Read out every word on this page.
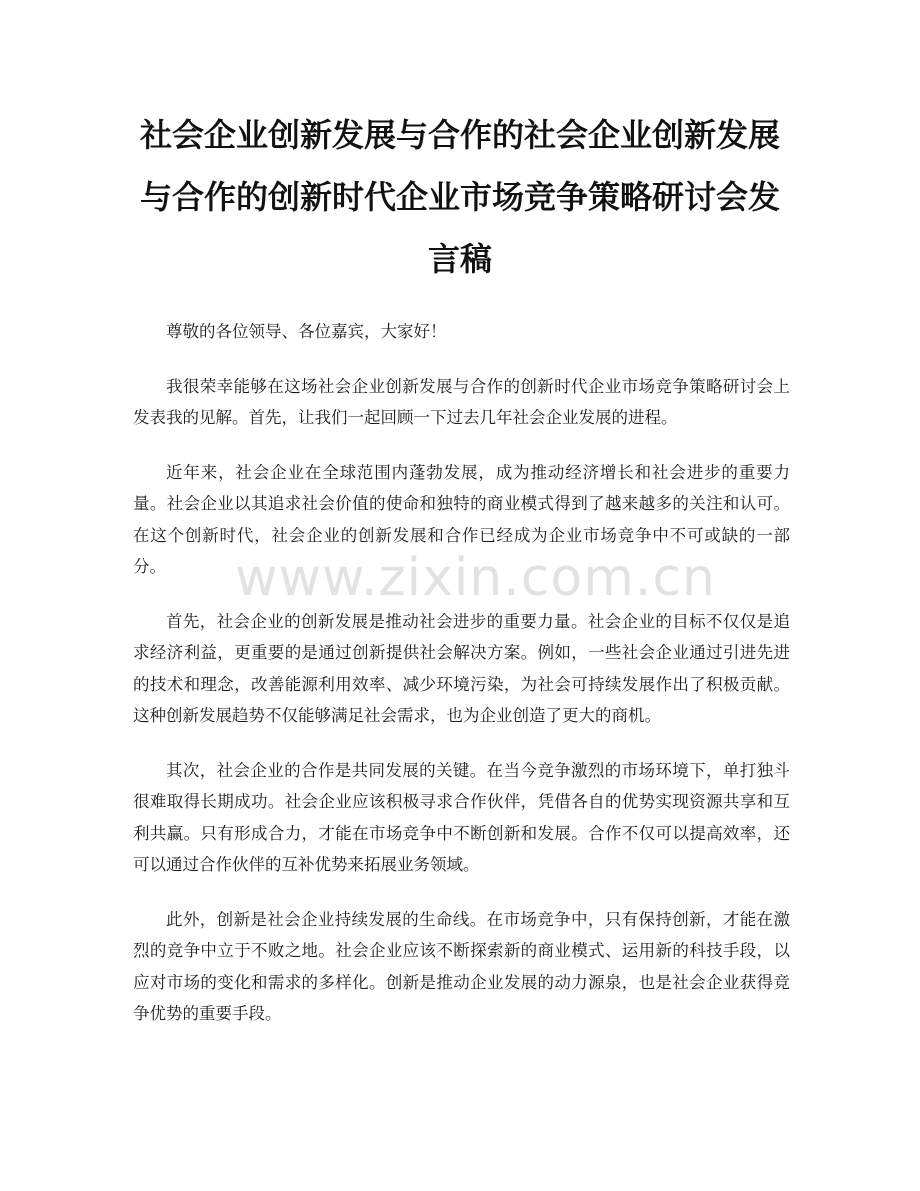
社会企业创新发展与合作的社会企业创新发展与合作的创新时代企业市场竞争策略研讨会发言稿

尊敬的各位领导、各位嘉宾，大家好！

我很荣幸能够在这场社会企业创新发展与合作的创新时代企业市场竞争策略研讨会上发表我的见解。首先，让我们一起回顾一下过去几年社会企业发展的进程。

近年来，社会企业在全球范围内蓬勃发展，成为推动经济增长和社会进步的重要力量。社会企业以其追求社会价值的使命和独特的商业模式得到了越来越多的关注和认可。在这个创新时代，社会企业的创新发展和合作已经成为企业市场竞争中不可或缺的一部分。

首先，社会企业的创新发展是推动社会进步的重要力量。社会企业的目标不仅仅是追求经济利益，更重要的是通过创新提供社会解决方案。例如，一些社会企业通过引进先进的技术和理念，改善能源利用效率、减少环境污染，为社会可持续发展作出了积极贡献。这种创新发展趋势不仅能够满足社会需求，也为企业创造了更大的商机。

其次，社会企业的合作是共同发展的关键。在当今竞争激烈的市场环境下，单打独斗很难取得长期成功。社会企业应该积极寻求合作伙伴，凭借各自的优势实现资源共享和互利共赢。只有形成合力，才能在市场竞争中不断创新和发展。合作不仅可以提高效率，还可以通过合作伙伴的互补优势来拓展业务领域。

此外，创新是社会企业持续发展的生命线。在市场竞争中，只有保持创新，才能在激烈的竞争中立于不败之地。社会企业应该不断探索新的商业模式、运用新的科技手段，以应对市场的变化和需求的多样化。创新是推动企业发展的动力源泉，也是社会企业获得竞争优势的重要手段。

www.zixin.com.cn
